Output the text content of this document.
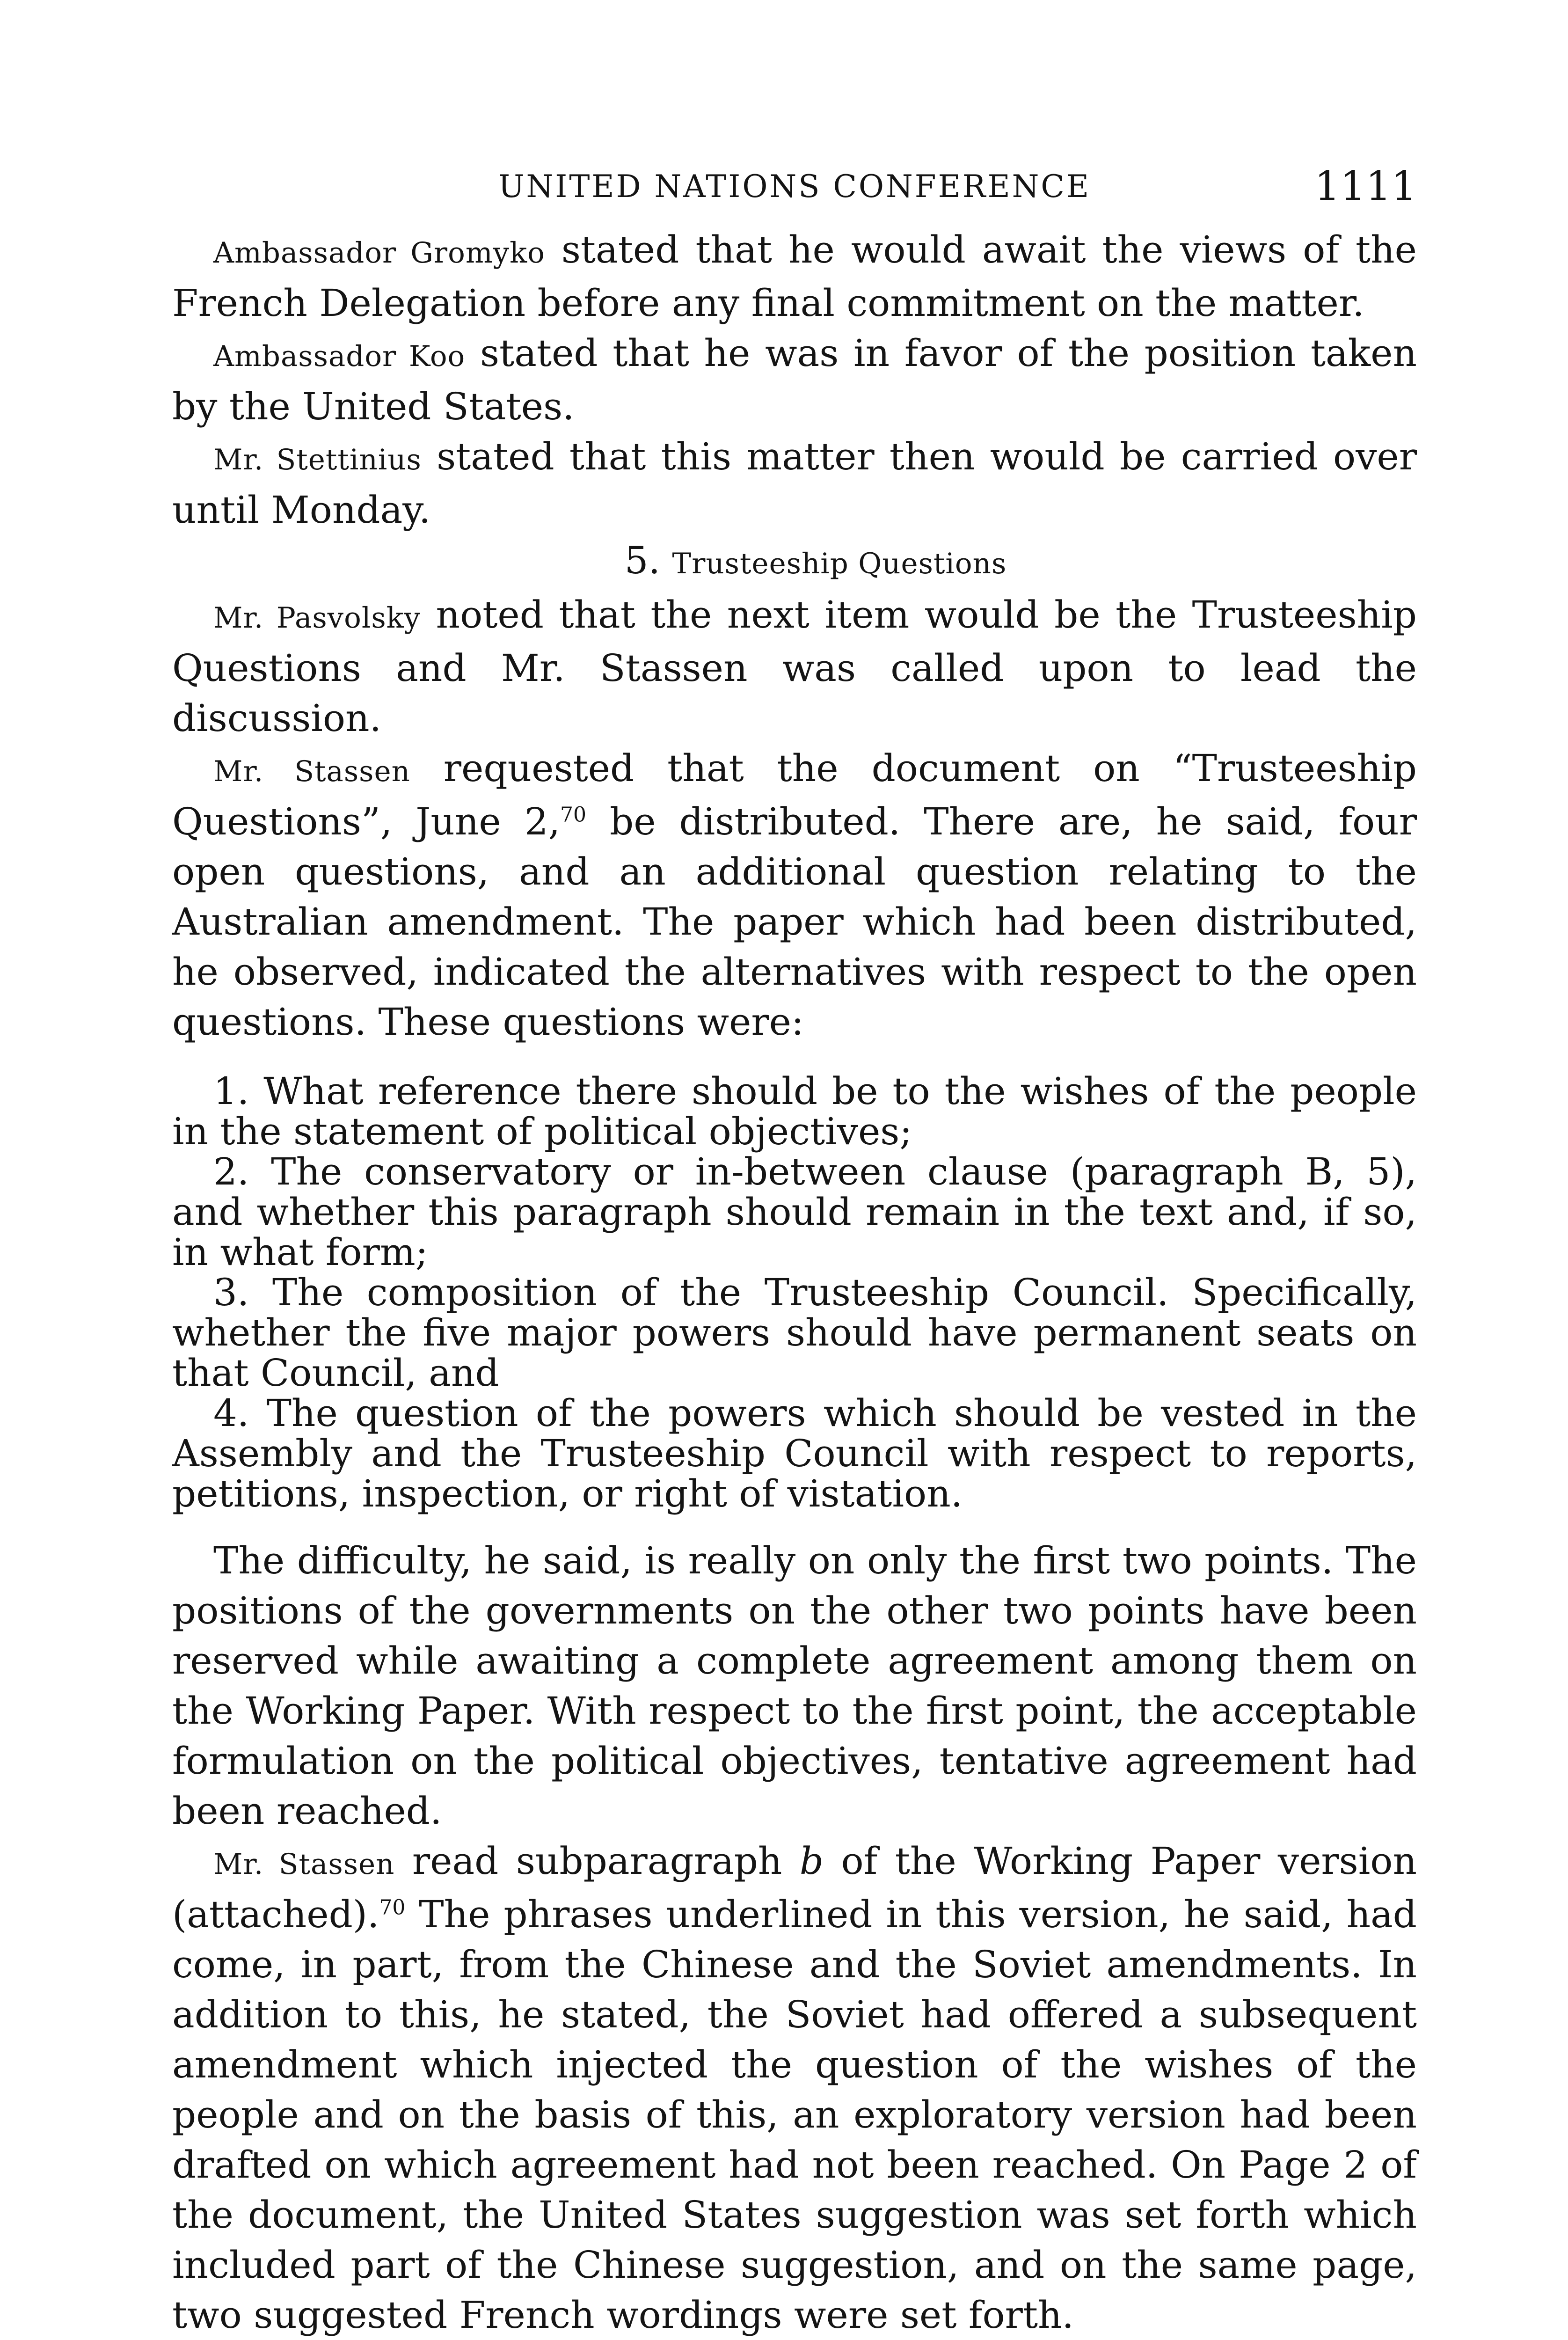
UNITED NATIONS CONFERENCE	1111

Ambassador Gromyko stated that he would await the views of the French Delegation before any final commitment on the matter.

Ambassador Koo stated that he was in favor of the position taken by the United States.

Mr. Stettinius stated that this matter then would be carried over until Monday.

5. Trusteeship Questions

Mr. Pasvolsky noted that the next item would be the Trusteeship Questions and Mr. Stassen was called upon to lead the discussion.

Mr. Stassen requested that the document on “Trusteeship Questions”, June 2,70 be distributed. There are, he said, four open questions, and an additional question relating to the Australian amendment. The paper which had been distributed, he observed, indicated the alternatives with respect to the open questions. These questions were:

1. What reference there should be to the wishes of the people in the statement of political objectives;

2. The conservatory or in-between clause (paragraph B, 5), and whether this paragraph should remain in the text and, if so, in what form;

3. The composition of the Trusteeship Council. Specifically, whether the five major powers should have permanent seats on that Council, and

4. The question of the powers which should be vested in the Assembly and the Trusteeship Council with respect to reports, petitions, inspection, or right of vistation.

The difficulty, he said, is really on only the first two points. The positions of the governments on the other two points have been reserved while awaiting a complete agreement among them on the Working Paper. With respect to the first point, the acceptable formulation on the political objectives, tentative agreement had been reached.

Mr. Stassen read subparagraph b of the Working Paper version (attached).$^{70}$ The phrases underlined in this version, he said, had come, in part, from the Chinese and the Soviet amendments. In addition to this, he stated, the Soviet had offered a subsequent amendment which injected the question of the wishes of the people and on the basis of this, an exploratory version had been drafted on which agreement had not been reached. On Page 2 of the document, the United States suggestion was set forth which included part of the Chinese suggestion, and on the same page, two suggested French wordings were set forth.
